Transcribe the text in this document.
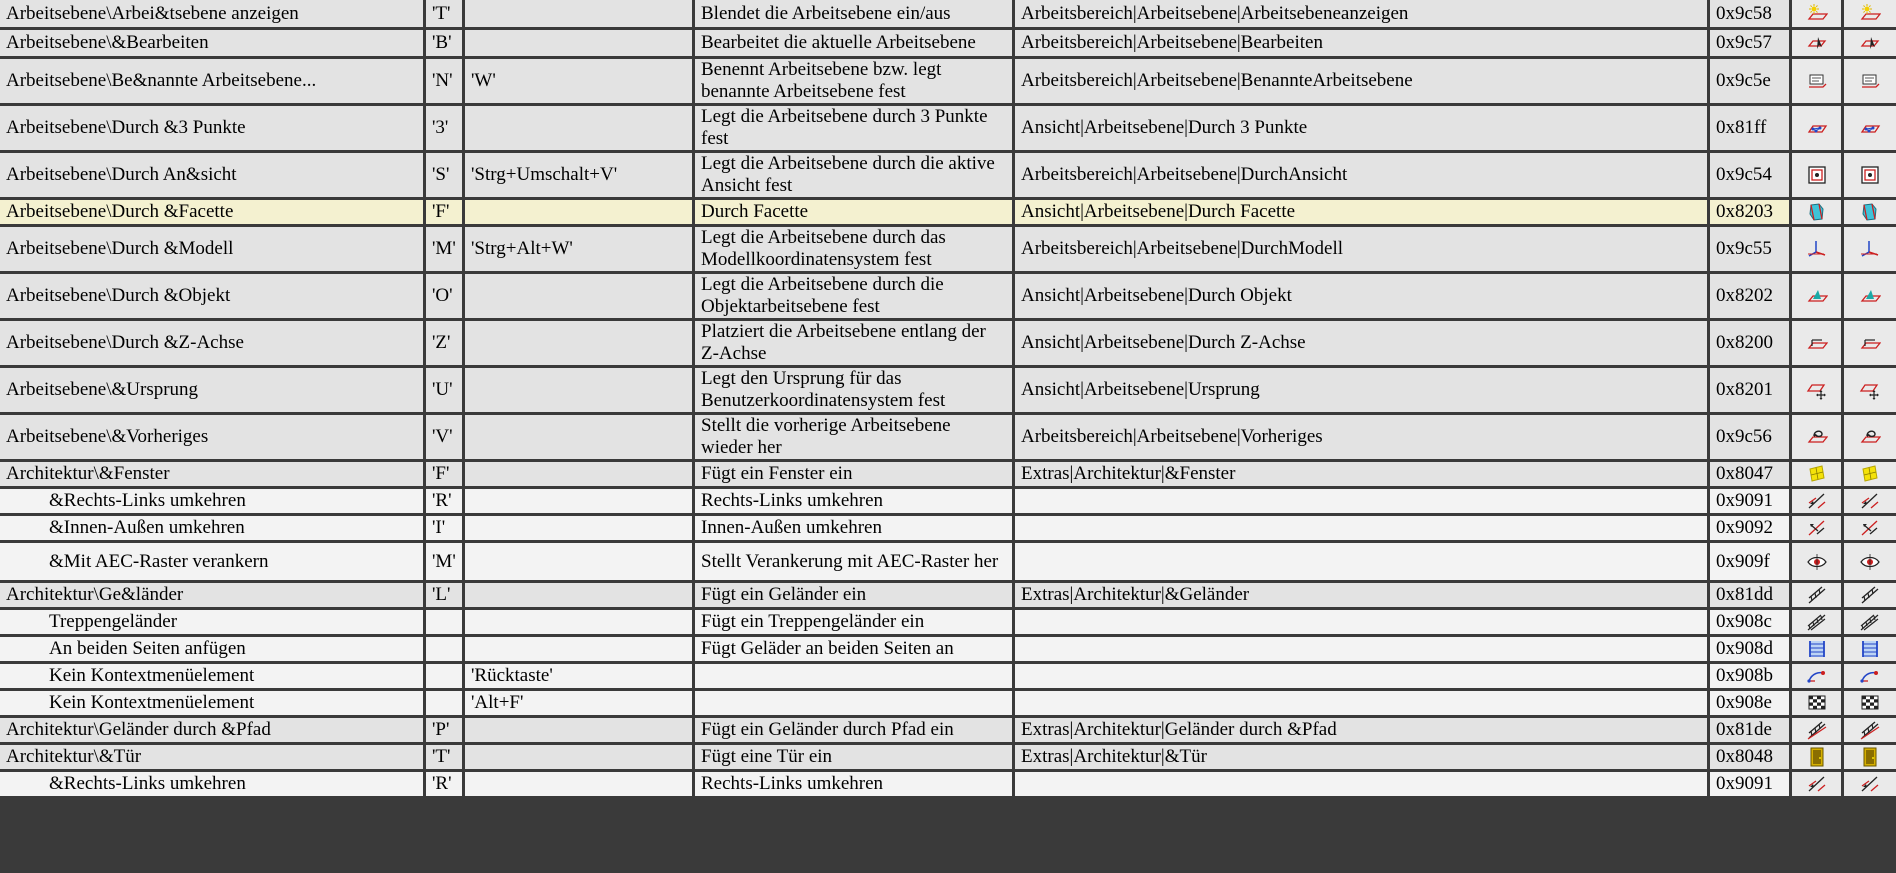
Arbeitsebene\Arbei&tsebene anzeigen	'T'		Blendet die Arbeitsebene ein/aus	Arbeitsbereich|Arbeitsebene|Arbeitsebeneanzeigen	0x9c58	

Arbeitsebene\&Bearbeiten	'B'		Bearbeitet die aktuelle Arbeitsebene	Arbeitsbereich|Arbeitsebene|Bearbeiten	0x9c57	

Arbeitsebene\Be&nannte Arbeitsebene...	'N'	'W'	Benennt Arbeitsebene bzw. legt benannte Arbeitsebene fest	Arbeitsbereich|Arbeitsebene|BenannteArbeitsebene	0x9c5e	

Arbeitsebene\Durch &3 Punkte	'3'		Legt die Arbeitsebene durch 3 Punkte fest	Ansicht|Arbeitsebene|Durch 3 Punkte	0x81ff	

Arbeitsebene\Durch An&sicht	'S'	'Strg+Umschalt+V'	Legt die Arbeitsebene durch die aktive Ansicht fest	Arbeitsbereich|Arbeitsebene|DurchAnsicht	0x9c54	

Arbeitsebene\Durch &Facette	'F'		Durch Facette	Ansicht|Arbeitsebene|Durch Facette	0x8203	

Arbeitsebene\Durch &Modell	'M'	'Strg+Alt+W'	Legt die Arbeitsebene durch das Modellkoordinatensystem fest	Arbeitsbereich|Arbeitsebene|DurchModell	0x9c55	

Arbeitsebene\Durch &Objekt	'O'		Legt die Arbeitsebene durch die Objektarbeitsebene fest	Ansicht|Arbeitsebene|Durch Objekt	0x8202	

Arbeitsebene\Durch &Z-Achse	'Z'		Platziert die Arbeitsebene entlang der Z-Achse	Ansicht|Arbeitsebene|Durch Z-Achse	0x8200	

Arbeitsebene\&Ursprung	'U'		Legt den Ursprung für das Benutzerkoordinatensystem fest	Ansicht|Arbeitsebene|Ursprung	0x8201	

Arbeitsebene\&Vorheriges	'V'		Stellt die vorherige Arbeitsebene wieder her	Arbeitsbereich|Arbeitsebene|Vorheriges	0x9c56	

Architektur\&Fenster	'F'		Fügt ein Fenster ein	Extras|Architektur|&Fenster	0x8047	

&Rechts-Links umkehren	'R'		Rechts-Links umkehren		0x9091	

&Innen-Außen umkehren	'I'		Innen-Außen umkehren		0x9092	

&Mit AEC-Raster verankern	'M'		Stellt Verankerung mit AEC-Raster her		0x909f	

Architektur\Ge&länder	'L'		Fügt ein Geländer ein	Extras|Architektur|&Geländer	0x81dd	

Treppengeländer			Fügt ein Treppengeländer ein		0x908c	

An beiden Seiten anfügen			Fügt Geläder an beiden Seiten an		0x908d	

Kein Kontextmenüelement		'Rücktaste'			0x908b	

Kein Kontextmenüelement		'Alt+F'			0x908e	

Architektur\Geländer durch &Pfad	'P'		Fügt ein Geländer durch Pfad ein	Extras|Architektur|Geländer durch &Pfad	0x81de	

Architektur\&Tür	'T'		Fügt eine Tür ein	Extras|Architektur|&Tür	0x8048	

&Rechts-Links umkehren	'R'		Rechts-Links umkehren		0x9091	
